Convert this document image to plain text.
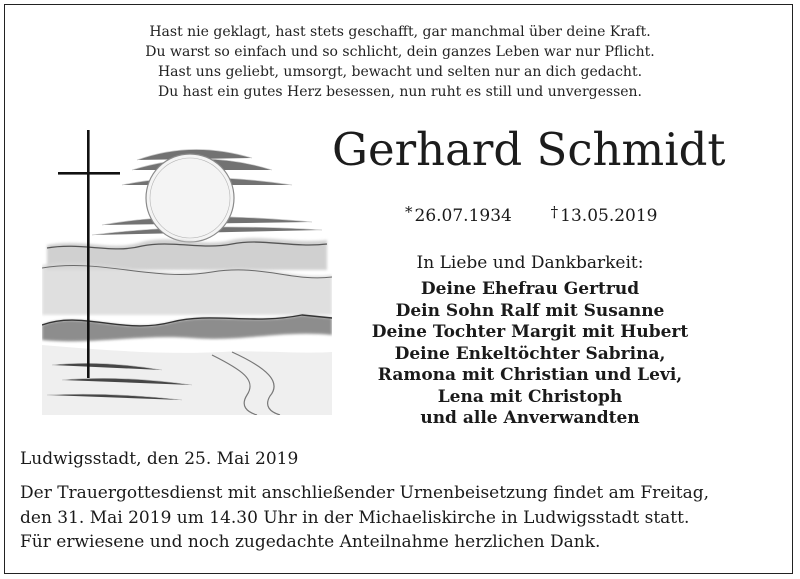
Hast nie geklagt, hast stets geschafft, gar manchmal über deine Kraft.
Du warst so einfach und so schlicht, dein ganzes Leben war nur Pflicht.
Hast uns geliebt, umsorgt, bewacht und selten nur an dich gedacht.
Du hast ein gutes Herz besessen, nun ruht es still und unvergessen.
Gerhard Schmidt
* 26.07.1934	† 13.05.2019
In Liebe und Dankbarkeit:
Deine Ehefrau Gertrud
Dein Sohn Ralf mit Susanne
Deine Tochter Margit mit Hubert
Deine Enkeltöchter Sabrina,
Ramona mit Christian und Levi,
Lena mit Christoph
und alle Anverwandten
Ludwigsstadt, den 25. Mai 2019
Der Trauergottesdienst mit anschließender Urnenbeisetzung findet am Freitag,
den 31. Mai 2019 um 14.30 Uhr in der Michaeliskirche in Ludwigsstadt statt.
Für erwiesene und noch zugedachte Anteilnahme herzlichen Dank.
